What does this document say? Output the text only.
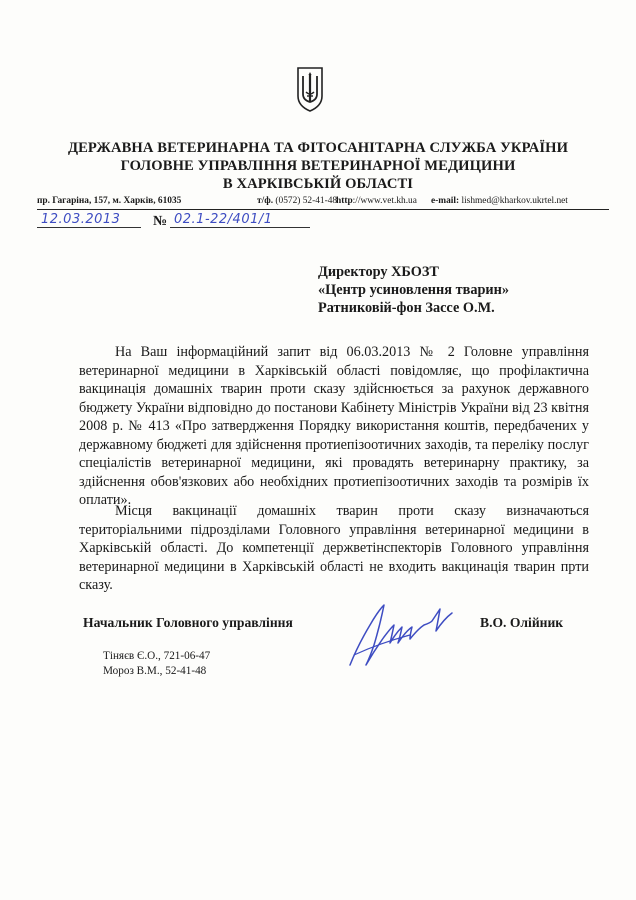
ДЕРЖАВНА ВЕТЕРИНАРНА ТА ФІТОСАНІТАРНА СЛУЖБА УКРАЇНИ
ГОЛОВНЕ УПРАВЛІННЯ ВЕТЕРИНАРНОЇ МЕДИЦИНИ
В ХАРКІВСЬКІЙ ОБЛАСТІ
пр. Гагаріна, 157, м. Харків, 61035	т/ф. (0572) 52-41-48
http://www.vet.kh.ua e-mail: lishmed@kharkov.ukrtel.net
12.03.2013 № 02.1-22/401/1
Директору ХБОЗТ
«Центр усиновлення тварин»
Ратниковій-фон Зассе О.М.

На Ваш інформаційний запит від 06.03.2013 № 2 Головне управління ветеринарної медицини в Харківській області повідомляє, що профілактична вакцинація домашніх тварин проти сказу здійснюється за рахунок державного бюджету України відповідно до постанови Кабінету Міністрів України від 23 квітня 2008 р. № 413 «Про затвердження Порядку використання коштів, передбачених у державному бюджеті для здійснення протиепізоотичних заходів, та переліку послуг спеціалістів ветеринарної медицини, які провадять ветеринарну практику, за здійснення обов'язкових або необхідних протиепізоотичних заходів та розмірів їх оплати».

Місця вакцинації домашніх тварин проти сказу визначаються територіальними підрозділами Головного управління ветеринарної медицини в Харківській області. До компетенції держветінспекторів Головного управління ветеринарної медицини в Харківській області не входить вакцинація тварин прти сказу.

Начальник Головного управління	В.О. Олійник
Тіняєв Є.О., 721-06-47
Мороз В.М., 52-41-48
